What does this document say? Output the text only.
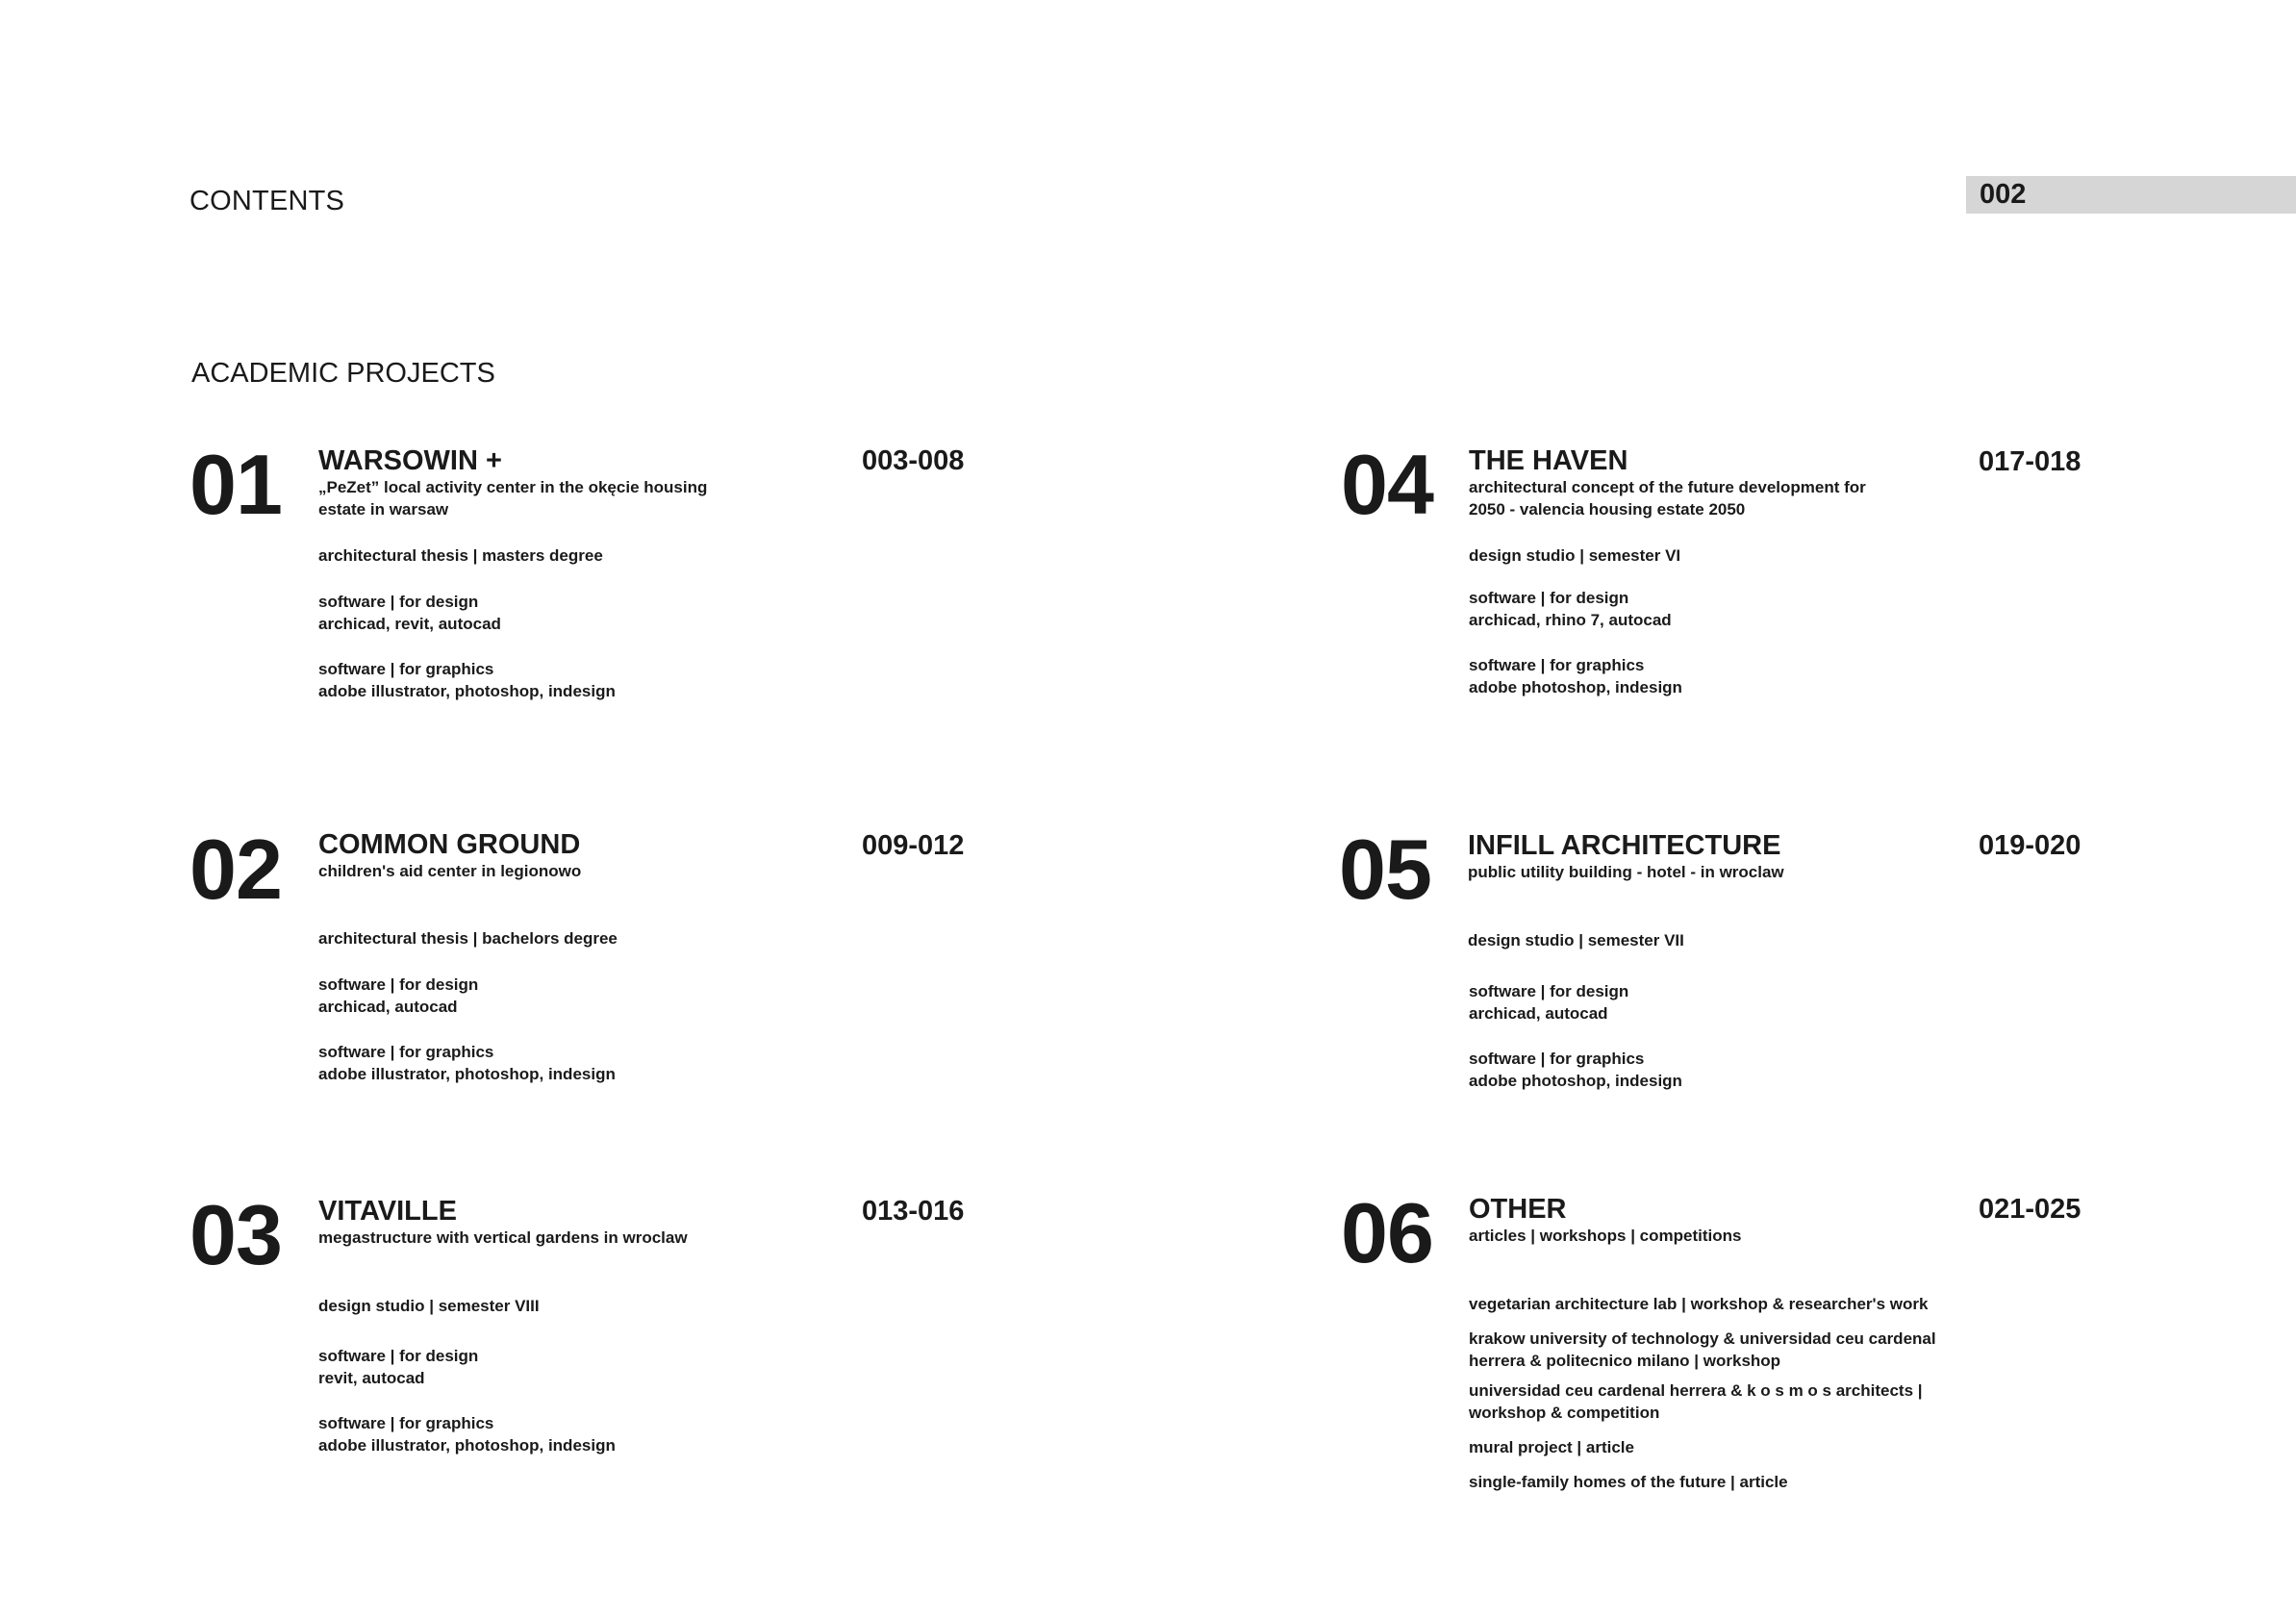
CONTENTS	002
ACADEMIC PROJECTS
01 WARSOWIN +
„PeZet” local activity center in the okęcie housing estate in warsaw
003-008
architectural thesis | masters degree
software | for design
archicad, revit, autocad
software | for graphics
adobe illustrator, photoshop, indesign
02 COMMON GROUND
children's aid center in legionowo
009-012
architectural thesis | bachelors degree
software | for design
archicad, autocad
software | for graphics
adobe illustrator, photoshop, indesign
03 VITAVILLE
megastructure with vertical gardens in wroclaw
013-016
design studio | semester VIII
software | for design
revit, autocad
software | for graphics
adobe illustrator, photoshop, indesign
04 THE HAVEN
architectural concept of the future development for 2050 - valencia housing estate 2050
017-018
design studio | semester VI
software | for design
archicad, rhino 7, autocad
software | for graphics
adobe photoshop, indesign
05 INFILL ARCHITECTURE
public utility building - hotel - in wroclaw
019-020
design studio | semester VII
software | for design
archicad, autocad
software | for graphics
adobe photoshop, indesign
06 OTHER
articles | workshops | competitions
021-025
vegetarian architecture lab | workshop & researcher's work
krakow university of technology & universidad ceu cardenal
herrera & politecnico milano | workshop
universidad ceu cardenal herrera & k o s m o s architects |
workshop & competition
mural project | article
single-family homes of the future | article
